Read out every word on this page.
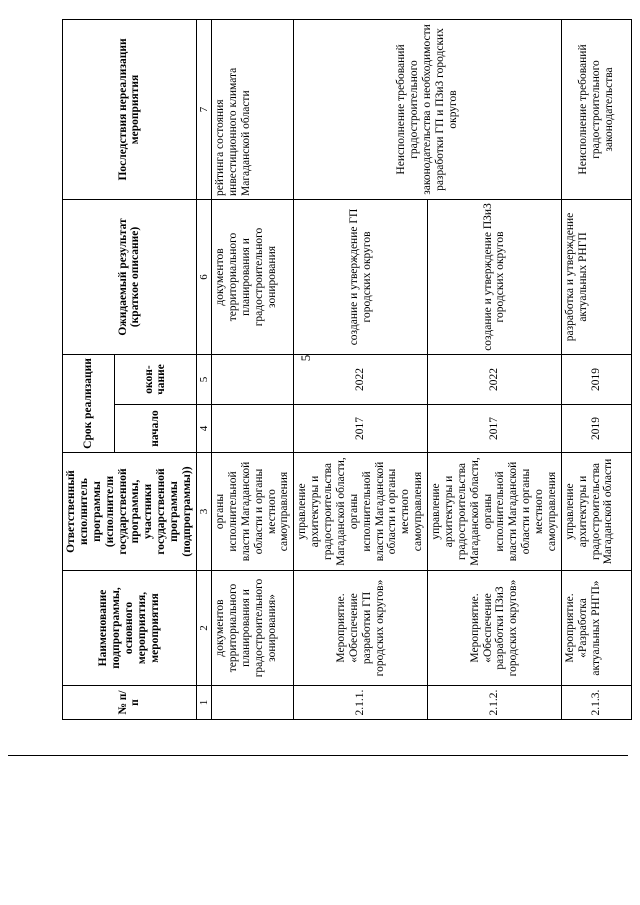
5
№ п/п	Наименование подпрограммы, основного мероприятия, мероприятия	Ответственный исполнитель программы (исполнители государственной программы, участники государственной программы (подпрограммы))	Срок реализации		Ожидаемый результат (краткое описание)	Последствия нереализации мероприятия
			начало	окон-чание		
1	2	3	4	5	6	7
	документов территориального планирования и градостроительного зонирования»	органы исполнительной власти Магаданской области и органы местного самоуправления			документов территориального планирования и градостроительного зонирования	рейтинга состояния инвестиционного климата Магаданской области
2.1.1.	Мероприятие. «Обеспечение разработки ГП городских округов»	управление архитектуры и градостроительства Магаданской области, органы исполнительной власти Магаданской области и органы местного самоуправления	2017	2022	создание и утверждение ГП городских округов	Неисполнение требований градостроительного законодательства о необходимости разработки ГП и ПЗиЗ городских округов
2.1.2.	Мероприятие. «Обеспечение разработки ПЗиЗ городских округов»	управление архитектуры и градостроительства Магаданской области, органы исполнительной власти Магаданской области и органы местного самоуправления	2017	2022	создание и утверждение ПЗиЗ городских округов	
2.1.3.	Мероприятие. «Разработка актуальных РНГП»	управление архитектуры и градостроительства Магаданской области	2019	2019	разработка и утверждение актуальных РНГП	Неисполнение требований градостроительного законодательства
